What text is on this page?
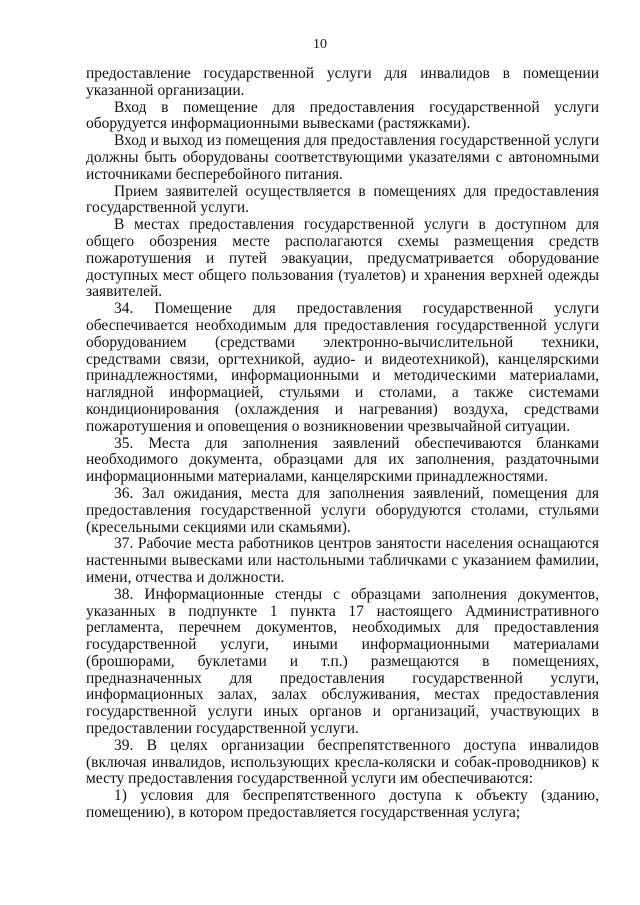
10

предоставление государственной услуги для инвалидов в помещении указанной организации.

Вход в помещение для предоставления государственной услуги оборудуется информационными вывесками (растяжками).

Вход и выход из помещения для предоставления государственной услуги должны быть оборудованы соответствующими указателями с автономными источниками бесперебойного питания.

Прием заявителей осуществляется в помещениях для предоставления государственной услуги.

В местах предоставления государственной услуги в доступном для общего обозрения месте располагаются схемы размещения средств пожаротушения и путей эвакуации, предусматривается оборудование доступных мест общего пользования (туалетов) и хранения верхней одежды заявителей.

34. Помещение для предоставления государственной услуги обеспечивается необходимым для предоставления государственной услуги оборудованием (средствами электронно-вычислительной техники, средствами связи, оргтехникой, аудио- и видеотехникой), канцелярскими принадлежностями, информационными и методическими материалами, наглядной информацией, стульями и столами, а также системами кондиционирования (охлаждения и нагревания) воздуха, средствами пожаротушения и оповещения о возникновении чрезвычайной ситуации.

35. Места для заполнения заявлений обеспечиваются бланками необходимого документа, образцами для их заполнения, раздаточными информационными материалами, канцелярскими принадлежностями.

36. Зал ожидания, места для заполнения заявлений, помещения для предоставления государственной услуги оборудуются столами, стульями (кресельными секциями или скамьями).

37. Рабочие места работников центров занятости населения оснащаются настенными вывесками или настольными табличками с указанием фамилии, имени, отчества и должности.

38. Информационные стенды с образцами заполнения документов, указанных в подпункте 1 пункта 17 настоящего Административного регламента, перечнем документов, необходимых для предоставления государственной услуги, иными информационными материалами (брошюрами, буклетами и т.п.) размещаются в помещениях, предназначенных для предоставления государственной услуги, информационных залах, залах обслуживания, местах предоставления государственной услуги иных органов и организаций, участвующих в предоставлении государственной услуги.

39. В целях организации беспрепятственного доступа инвалидов (включая инвалидов, использующих кресла-коляски и собак-проводников) к месту предоставления государственной услуги им обеспечиваются:

1) условия для беспрепятственного доступа к объекту (зданию, помещению), в котором предоставляется государственная услуга;
